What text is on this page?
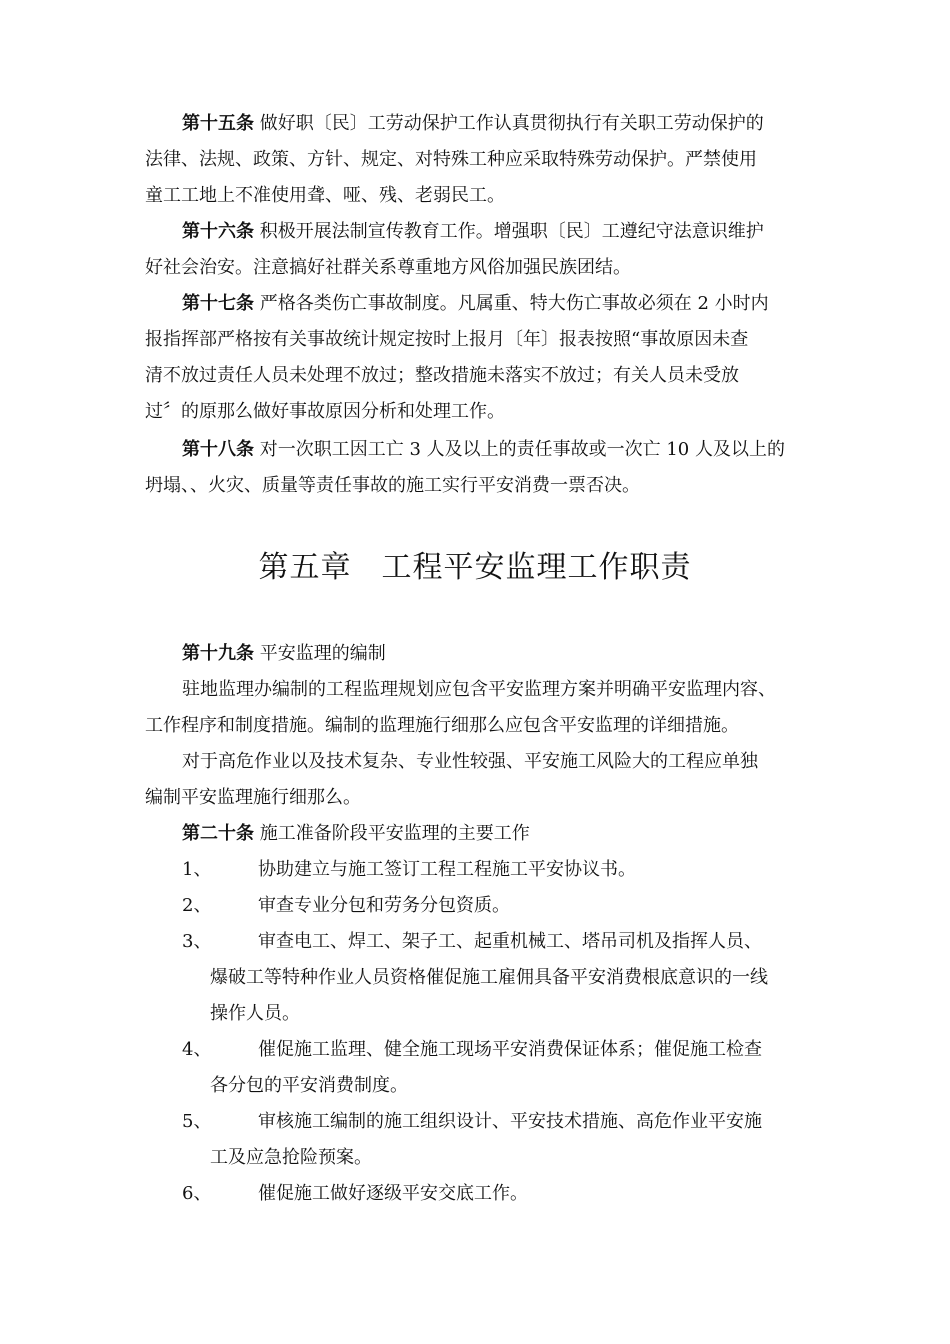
第十五条 做好职〔民〕工劳动保护工作认真贯彻执行有关职工劳动保护的
法律、法规、政策、方针、规定、对特殊工种应采取特殊劳动保护。严禁使用
童工工地上不准使用聋、哑、残、老弱民工。
第十六条 积极开展法制宣传教育工作。增强职〔民〕工遵纪守法意识维护
好社会治安。注意搞好社群关系尊重地方风俗加强民族团结。
第十七条 严格各类伤亡事故制度。凡属重、特大伤亡事故必须在 2 小时内
报指挥部严格按有关事故统计规定按时上报月〔年〕报表按照“事故原因未查
清不放过责任人员未处理不放过；整改措施未落实不放过；有关人员未受放
过〞的原那么做好事故原因分析和处理工作。
第十八条 对一次职工因工亡 3 人及以上的责任事故或一次亡 10 人及以上的
坍塌、、火灾、质量等责任事故的施工实行平安消费一票否决。
第五章 工程平安监理工作职责
第十九条 平安监理的编制
驻地监理办编制的工程监理规划应包含平安监理方案并明确平安监理内容、
工作程序和制度措施。编制的监理施行细那么应包含平安监理的详细措施。
对于高危作业以及技术复杂、专业性较强、平安施工风险大的工程应单独
编制平安监理施行细那么。
第二十条 施工准备阶段平安监理的主要工作
1、	协助建立与施工签订工程工程施工平安协议书。
2、	审查专业分包和劳务分包资质。
3、	审查电工、焊工、架子工、起重机械工、塔吊司机及指挥人员、
爆破工等特种作业人员资格催促施工雇佣具备平安消费根底意识的一线
操作人员。
4、	催促施工监理、健全施工现场平安消费保证体系；催促施工检查
各分包的平安消费制度。
5、	审核施工编制的施工组织设计、平安技术措施、高危作业平安施
工及应急抢险预案。
6、	催促施工做好逐级平安交底工作。
